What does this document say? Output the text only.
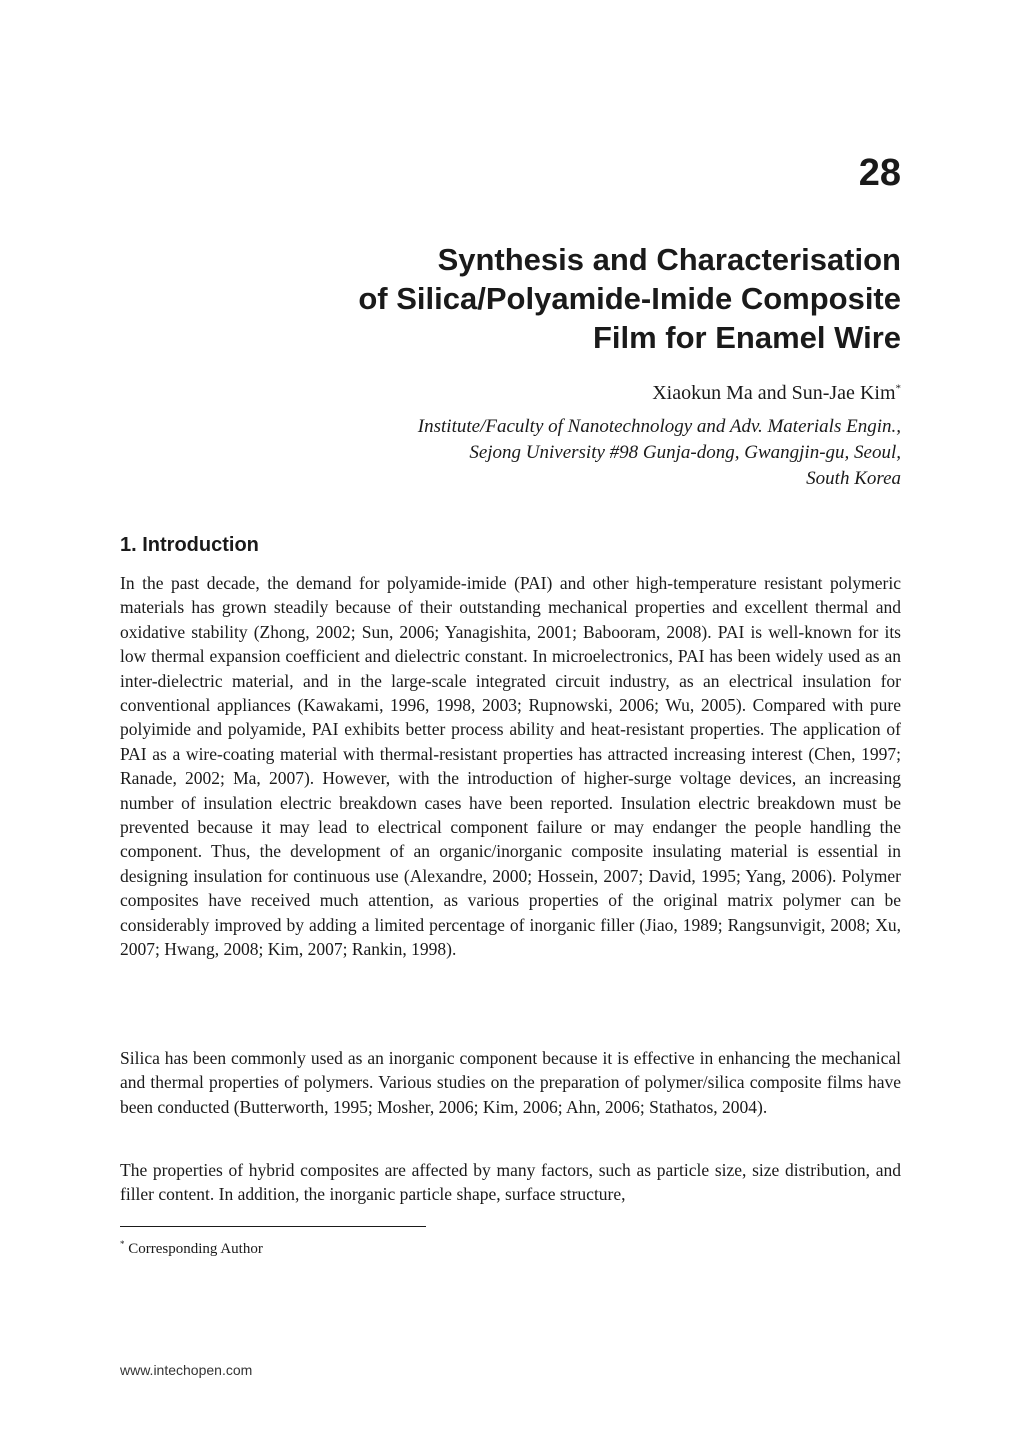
28
Synthesis and Characterisation
of Silica/Polyamide-Imide Composite
Film for Enamel Wire
Xiaokun Ma and Sun-Jae Kim*
Institute/Faculty of Nanotechnology and Adv. Materials Engin.,
Sejong University #98 Gunja-dong, Gwangjin-gu, Seoul,
South Korea
1. Introduction

In the past decade, the demand for polyamide-imide (PAI) and other high-temperature resistant polymeric materials has grown steadily because of their outstanding mechanical properties and excellent thermal and oxidative stability (Zhong, 2002; Sun, 2006; Yanagishita, 2001; Babooram, 2008). PAI is well-known for its low thermal expansion coefficient and dielectric constant. In microelectronics, PAI has been widely used as an inter-dielectric material, and in the large-scale integrated circuit industry, as an electrical insulation for conventional appliances (Kawakami, 1996, 1998, 2003; Rupnowski, 2006; Wu, 2005). Compared with pure polyimide and polyamide, PAI exhibits better process ability and heat-resistant properties. The application of PAI as a wire-coating material with thermal-resistant properties has attracted increasing interest (Chen, 1997; Ranade, 2002; Ma, 2007). However, with the introduction of higher-surge voltage devices, an increasing number of insulation electric breakdown cases have been reported. Insulation electric breakdown must be prevented because it may lead to electrical component failure or may endanger the people handling the component. Thus, the development of an organic/inorganic composite insulating material is essential in designing insulation for continuous use (Alexandre, 2000; Hossein, 2007; David, 1995; Yang, 2006). Polymer composites have received much attention, as various properties of the original matrix polymer can be considerably improved by adding a limited percentage of inorganic filler (Jiao, 1989; Rangsunvigit, 2008; Xu, 2007; Hwang, 2008; Kim, 2007; Rankin, 1998).

Silica has been commonly used as an inorganic component because it is effective in enhancing the mechanical and thermal properties of polymers. Various studies on the preparation of polymer/silica composite films have been conducted (Butterworth, 1995; Mosher, 2006; Kim, 2006; Ahn, 2006; Stathatos, 2004).

The properties of hybrid composites are affected by many factors, such as particle size, size distribution, and filler content. In addition, the inorganic particle shape, surface structure,

* Corresponding Author
www.intechopen.com
